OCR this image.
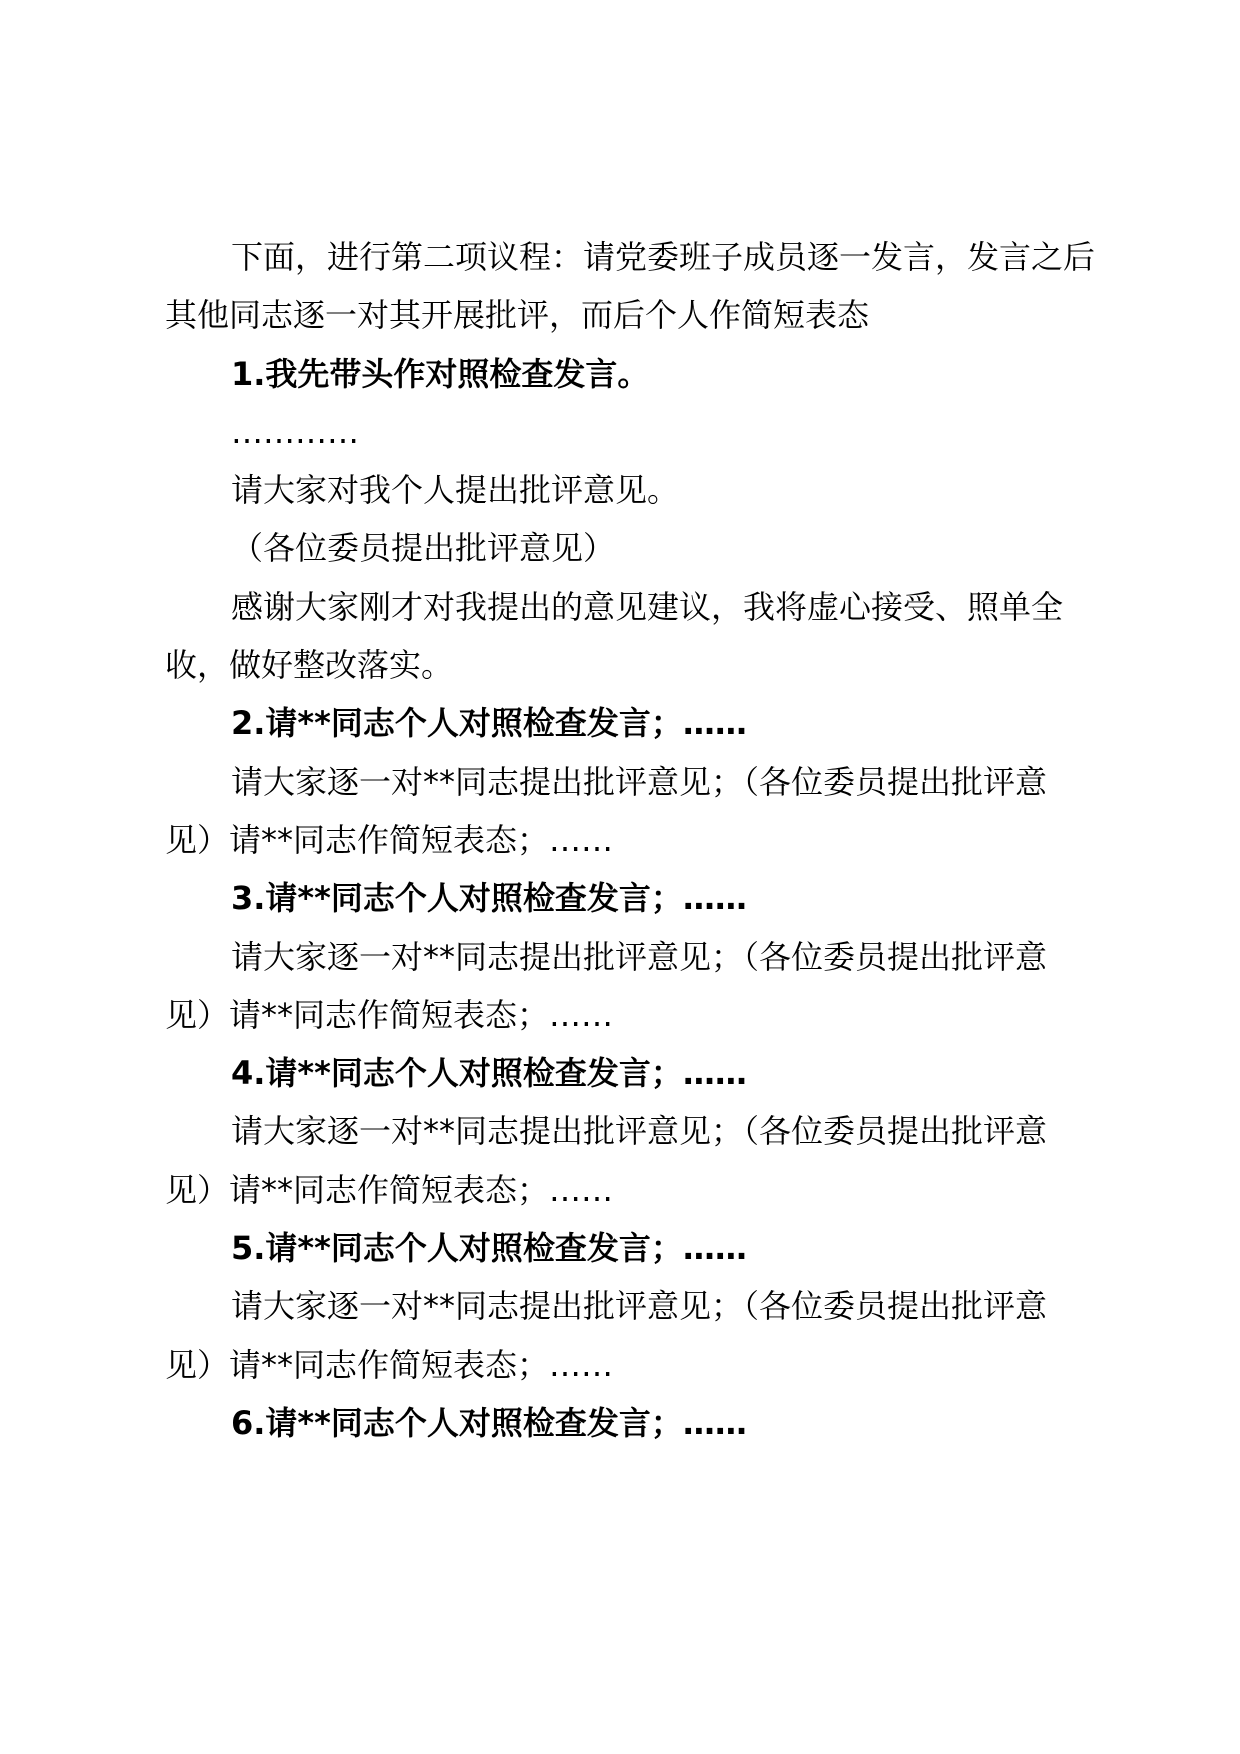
下面，进行第二项议程：请党委班子成员逐一发言，发言之后其他同志逐一对其开展批评，而后个人作简短表态

1.我先带头作对照检查发言。

…………

请大家对我个人提出批评意见。

（各位委员提出批评意见）

感谢大家刚才对我提出的意见建议，我将虚心接受、照单全收，做好整改落实。

2.请**同志个人对照检查发言；……

请大家逐一对**同志提出批评意见；（各位委员提出批评意见）请**同志作简短表态；……

3.请**同志个人对照检查发言；……

请大家逐一对**同志提出批评意见；（各位委员提出批评意见）请**同志作简短表态；……

4.请**同志个人对照检查发言；……

请大家逐一对**同志提出批评意见；（各位委员提出批评意见）请**同志作简短表态；……

5.请**同志个人对照检查发言；……

请大家逐一对**同志提出批评意见；（各位委员提出批评意见）请**同志作简短表态；……

6.请**同志个人对照检查发言；……
